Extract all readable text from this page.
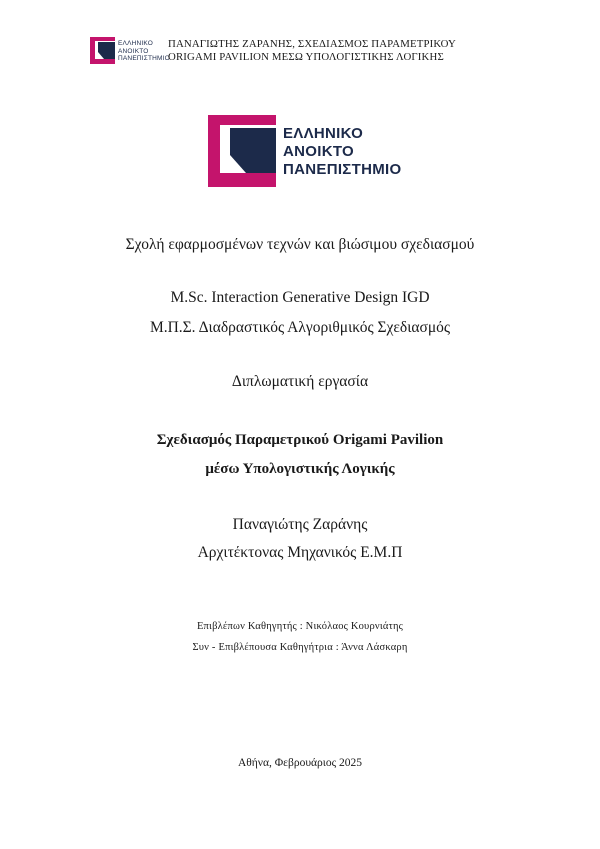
ΕΛΛΗΝΙΚΟ
ΑΝΟΙΚΤΟ
ΠΑΝΕΠΙΣΤΗΜΙΟ
ΠΑΝΑΓΙΩΤΗΣ ΖΑΡΑΝΗΣ, ΣΧΕΔΙΑΣΜΟΣ ΠΑΡΑΜΕΤΡΙΚΟΥ
ORIGAMI PAVILION ΜΕΣΩ ΥΠΟΛΟΓΙΣΤΙΚΗΣ ΛΟΓΙΚΗΣ
ΕΛΛΗΝΙΚΟ
ΑΝΟΙΚΤΟ
ΠΑΝΕΠΙΣΤΗΜΙΟ
Σχολή εφαρμοσμένων τεχνών και βιώσιμου σχεδιασμού
M.Sc. Interaction Generative Design IGD
Μ.Π.Σ. Διαδραστικός Αλγοριθμικός Σχεδιασμός
Διπλωματική εργασία
Σχεδιασμός Παραμετρικού Origami Pavilion
μέσω Υπολογιστικής Λογικής
Παναγιώτης Ζαράνης
Αρχιτέκτονας Μηχανικός Ε.Μ.Π
Επιβλέπων Καθηγητής : Νικόλαος Κουρνιάτης
Συν - Επιβλέπουσα Καθηγήτρια : Άννα Λάσκαρη
Αθήνα, Φεβρουάριος 2025
